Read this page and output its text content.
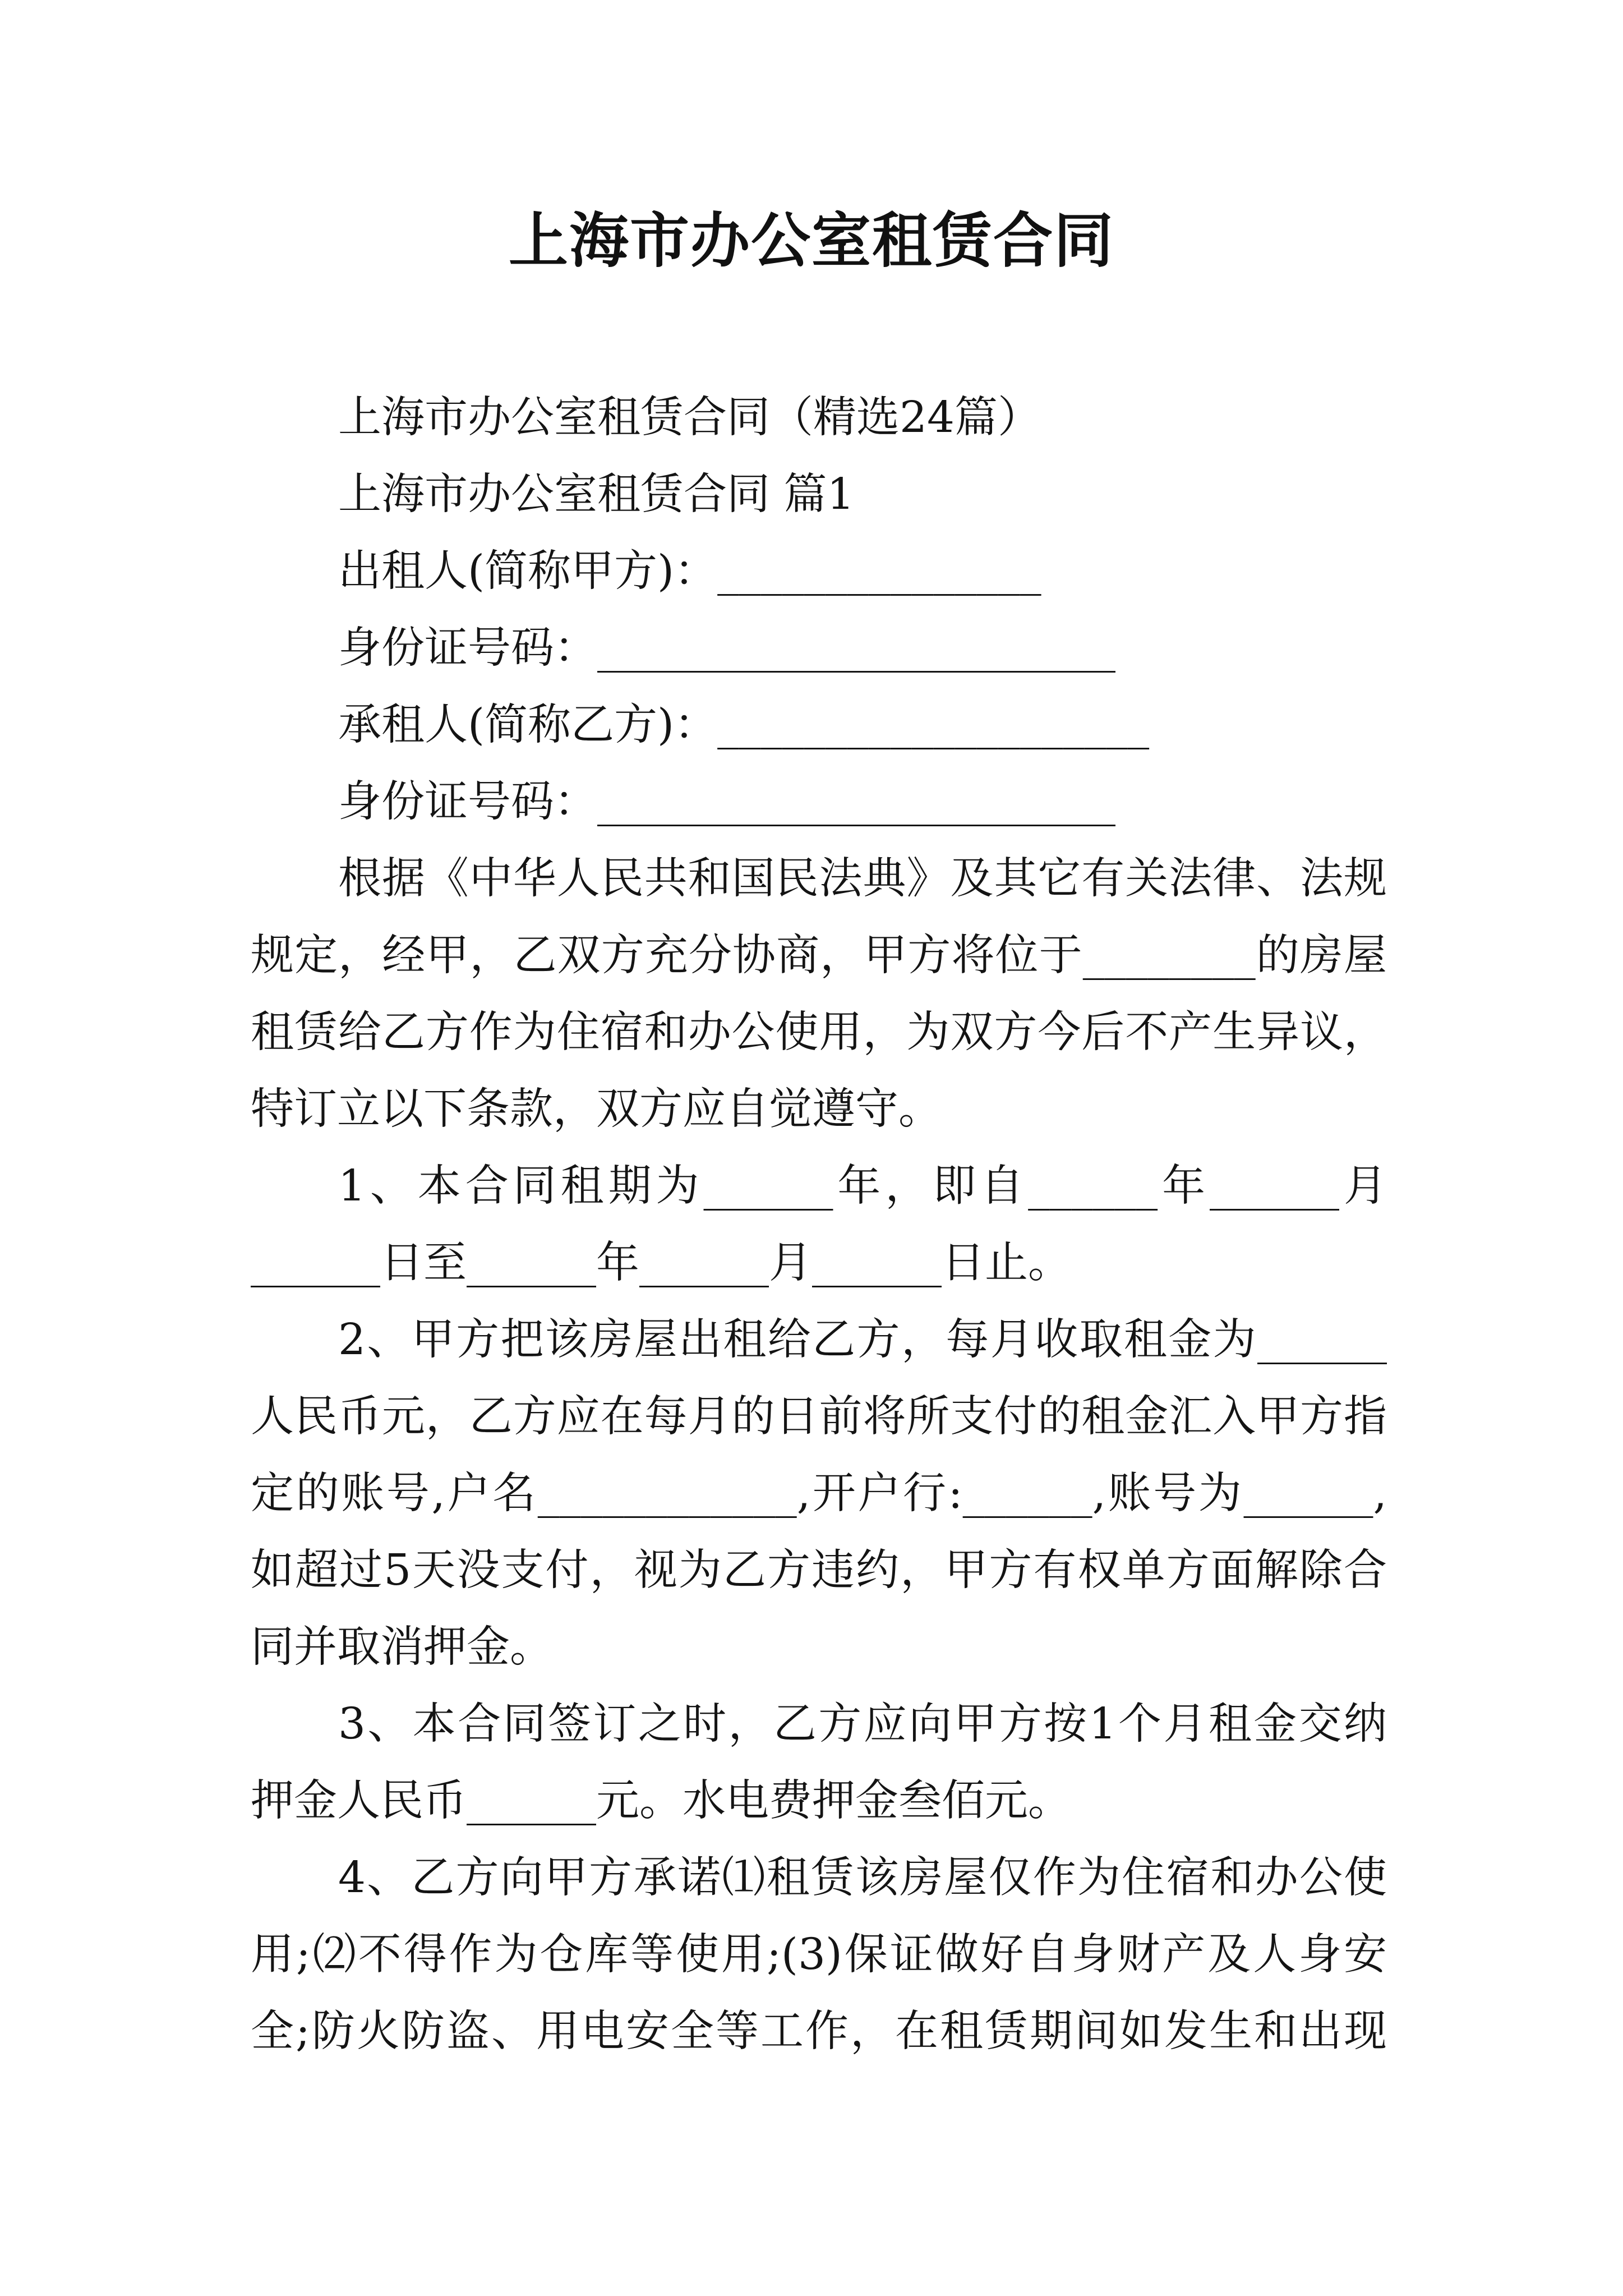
上海市办公室租赁合同
上海市办公室租赁合同（精选24篇）
上海市办公室租赁合同 篇1
出租人(简称甲方)：_______________
身份证号码：________________________
承租人(简称乙方)：____________________
身份证号码：________________________
根据《中华人民共和国民法典》及其它有关法律、法规
规定，经甲，乙双方充分协商，甲方将位于________的房屋
租赁给乙方作为住宿和办公使用，为双方今后不产生异议，
特订立以下条款，双方应自觉遵守。
1、本合同租期为______年，即自______年______月
______日至______年______月______日止。
2、甲方把该房屋出租给乙方，每月收取租金为______
人民币元，乙方应在每月的日前将所支付的租金汇入甲方指
定的账号,户名____________,开户行:______,账号为______,
如超过5天没支付，视为乙方违约，甲方有权单方面解除合
同并取消押金。
3、本合同签订之时，乙方应向甲方按1个月租金交纳
押金人民币______元。水电费押金叁佰元。
4、乙方向甲方承诺⑴租赁该房屋仅作为住宿和办公使
用;⑵不得作为仓库等使用;(3)保证做好自身财产及人身安
全;防火防盗、用电安全等工作，在租赁期间如发生和出现
